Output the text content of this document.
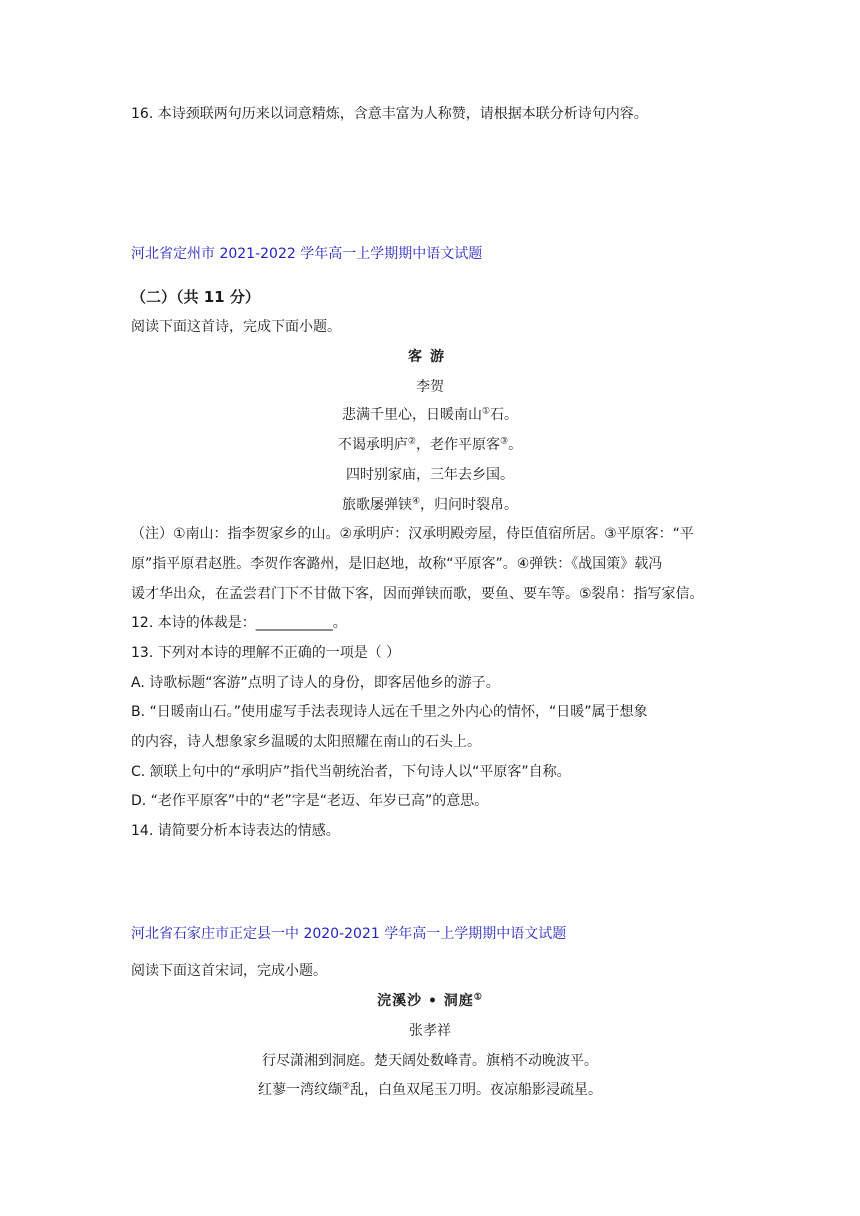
16. 本诗颈联两句历来以词意精炼，含意丰富为人称赞，请根据本联分析诗句内容。
河北省定州市 2021-2022 学年高一上学期期中语文试题
（二）（共 11 分）
阅读下面这首诗，完成下面小题。
客游
李贺
悲满千里心，日暖南山①石。
不谒承明庐②，老作平原客③。
四时别家庙，三年去乡国。
旅歌屡弹铗④，归问时裂帛。
（注）①南山：指李贺家乡的山。②承明庐：汉承明殿旁屋，侍臣值宿所居。③平原客：“平
原”指平原君赵胜。李贺作客潞州，是旧赵地，故称“平原客”。④弹铁：《战国策》载冯
谖才华出众，在孟尝君门下不甘做下客，因而弹铗而歌，要鱼、要车等。⑤裂帛：指写家信。
12. 本诗的体裁是：___________。
13. 下列对本诗的理解不正确的一项是（ ）
A. 诗歌标题“客游”点明了诗人的身份，即客居他乡的游子。
B. “日暖南山石。”使用虚写手法表现诗人远在千里之外内心的情怀，“日暖”属于想象
的内容，诗人想象家乡温暖的太阳照耀在南山的石头上。
C. 颔联上句中的“承明庐”指代当朝统治者，下句诗人以“平原客”自称。
D. “老作平原客”中的“老”字是“老迈、年岁已高”的意思。
14. 请简要分析本诗表达的情感。
河北省石家庄市正定县一中 2020-2021 学年高一上学期期中语文试题
阅读下面这首宋词，完成小题。
浣溪沙 • 洞庭①
张孝祥
行尽潇湘到洞庭。楚天阔处数峰青。旗梢不动晚波平。
红蓼一湾纹缬②乱，白鱼双尾玉刀明。夜凉船影浸疏星。
